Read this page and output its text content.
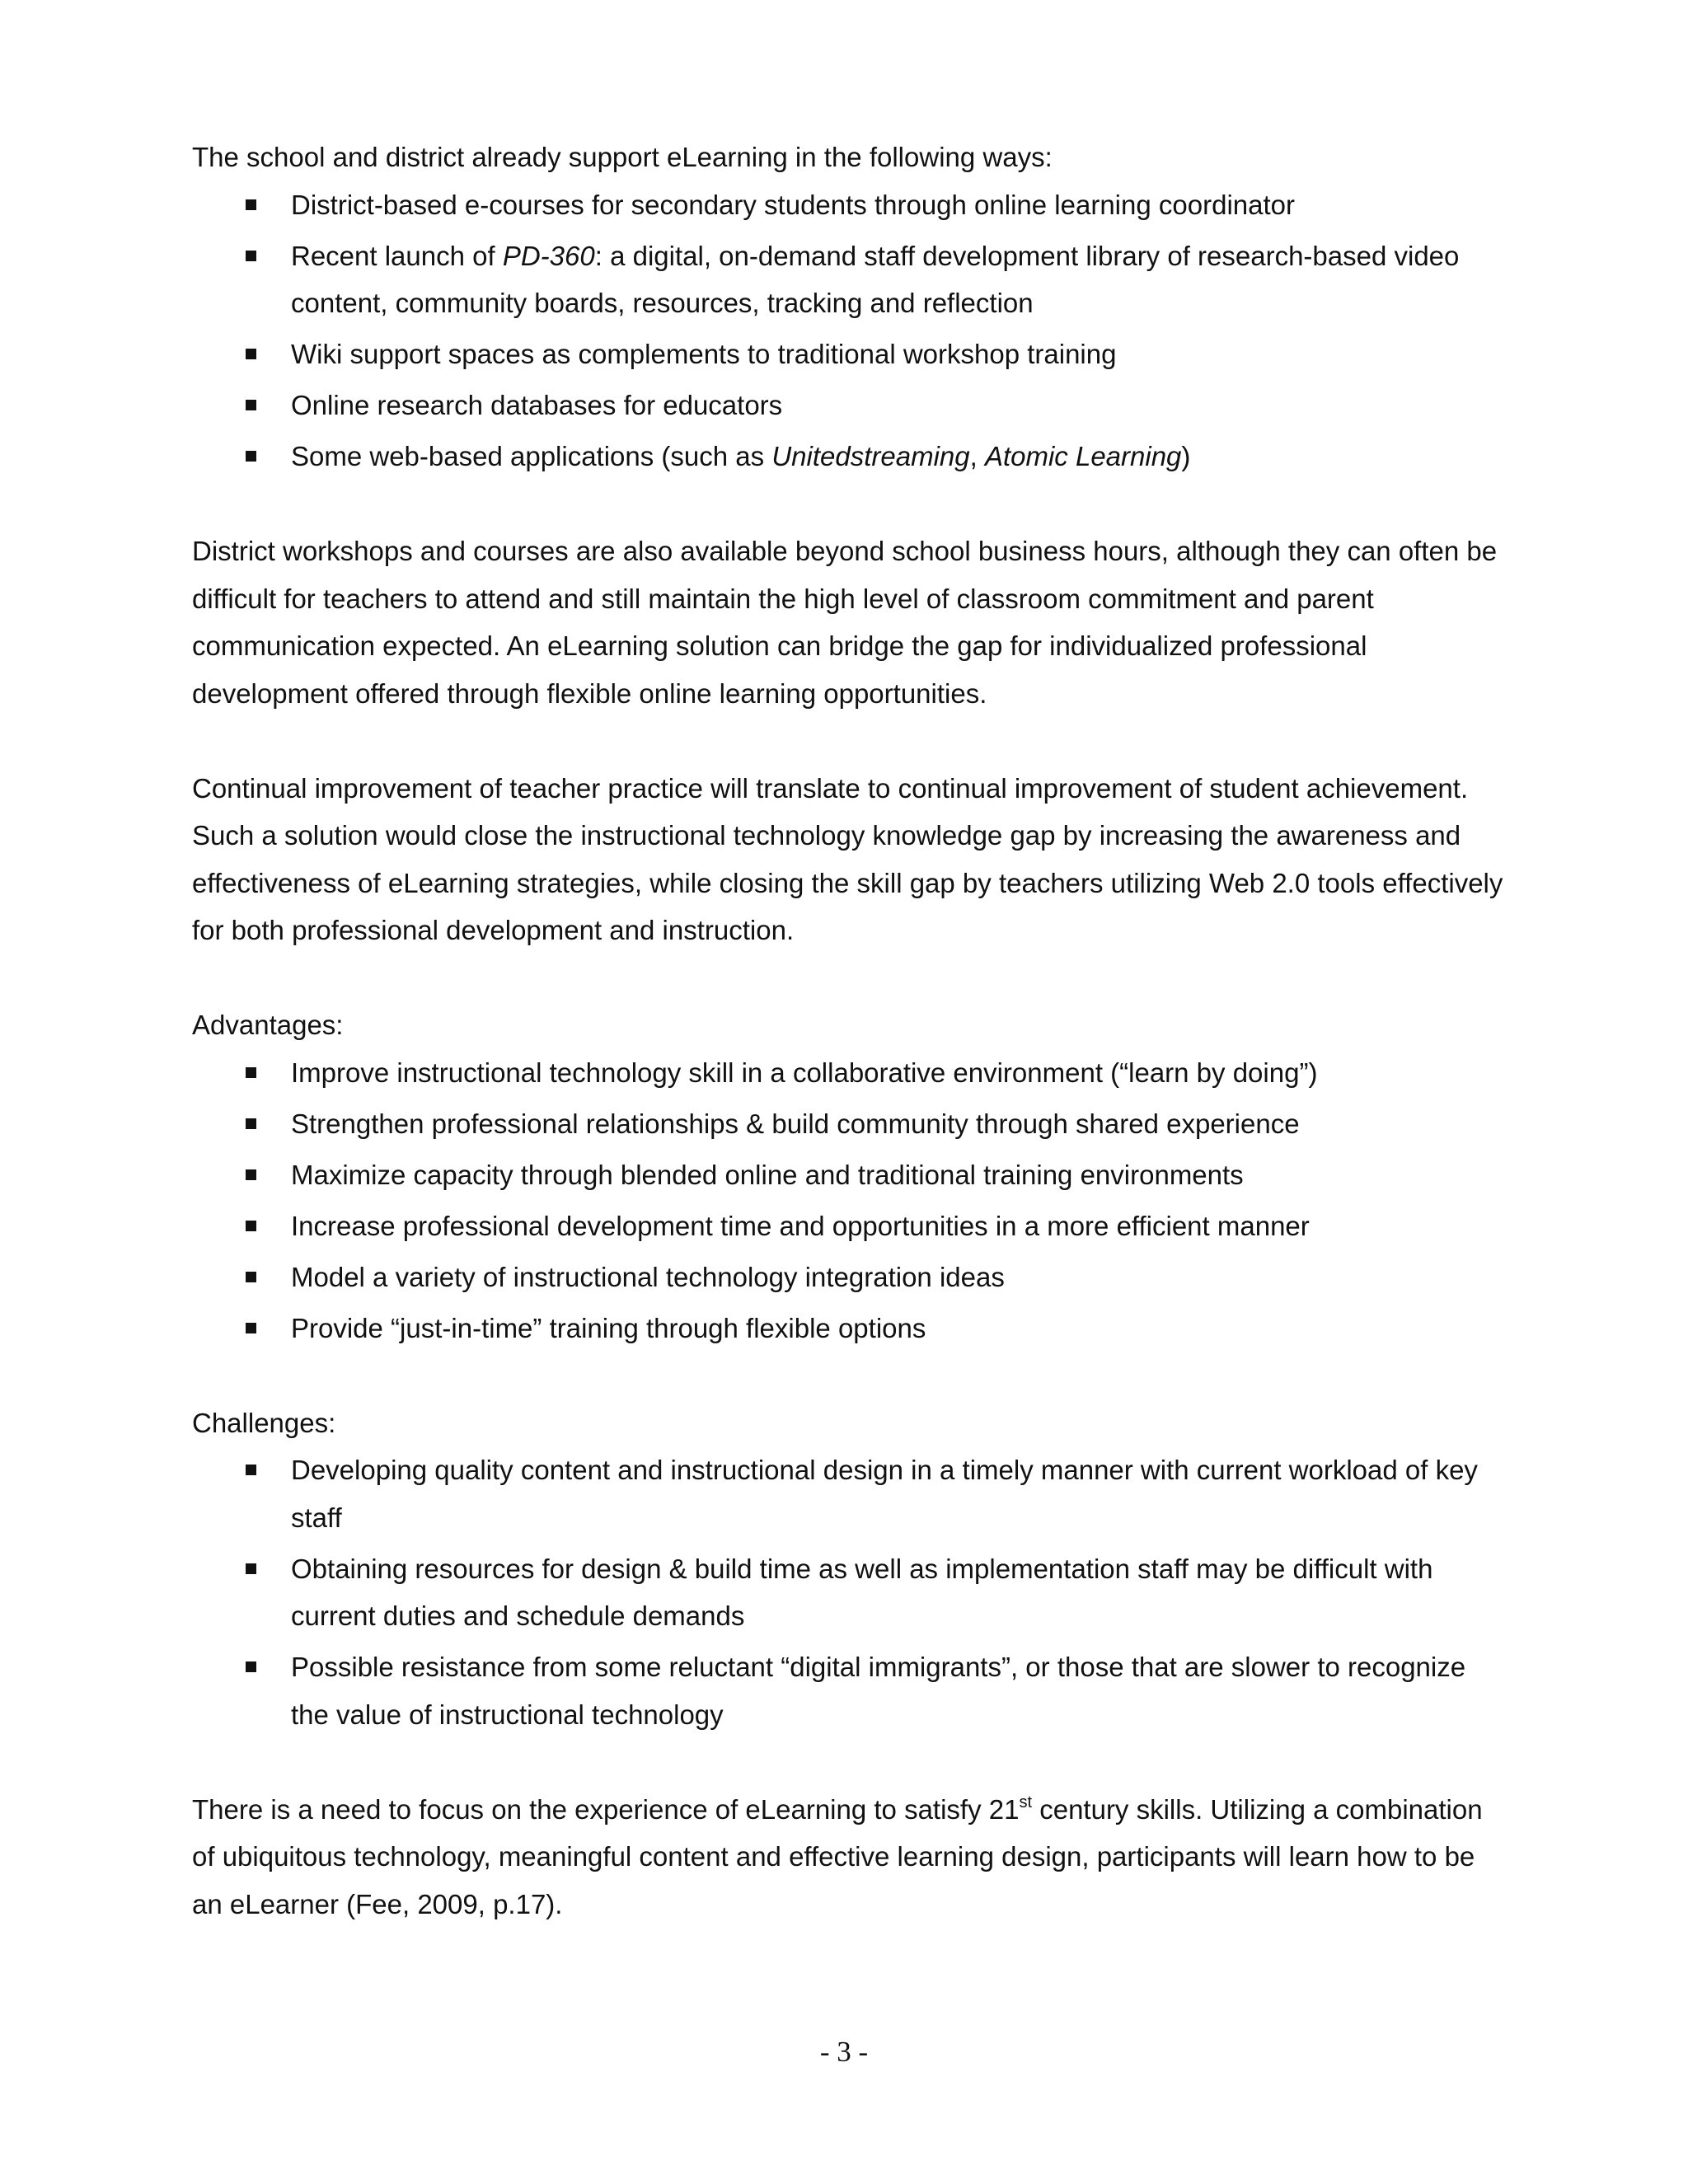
The school and district already support eLearning in the following ways:

District-based e-courses for secondary students through online learning coordinator
Recent launch of PD-360: a digital, on-demand staff development library of research-based video content, community boards, resources, tracking and reflection
Wiki support spaces as complements to traditional workshop training
Online research databases for educators
Some web-based applications (such as Unitedstreaming, Atomic Learning)

District workshops and courses are also available beyond school business hours, although they can often be difficult for teachers to attend and still maintain the high level of classroom commitment and parent communication expected. An eLearning solution can bridge the gap for individualized professional development offered through flexible online learning opportunities.

Continual improvement of teacher practice will translate to continual improvement of student achievement. Such a solution would close the instructional technology knowledge gap by increasing the awareness and effectiveness of eLearning strategies, while closing the skill gap by teachers utilizing Web 2.0 tools effectively for both professional development and instruction.

Advantages:

Improve instructional technology skill in a collaborative environment (“learn by doing”)
Strengthen professional relationships & build community through shared experience
Maximize capacity through blended online and traditional training environments
Increase professional development time and opportunities in a more efficient manner
Model a variety of instructional technology integration ideas
Provide “just-in-time” training through flexible options

Challenges:

Developing quality content and instructional design in a timely manner with current workload of key staff
Obtaining resources for design & build time as well as implementation staff may be difficult with current duties and schedule demands
Possible resistance from some reluctant “digital immigrants”, or those that are slower to recognize the value of instructional technology

There is a need to focus on the experience of eLearning to satisfy 21st century skills. Utilizing a combination of ubiquitous technology, meaningful content and effective learning design, participants will learn how to be an eLearner (Fee, 2009, p.17).

- 3 -
